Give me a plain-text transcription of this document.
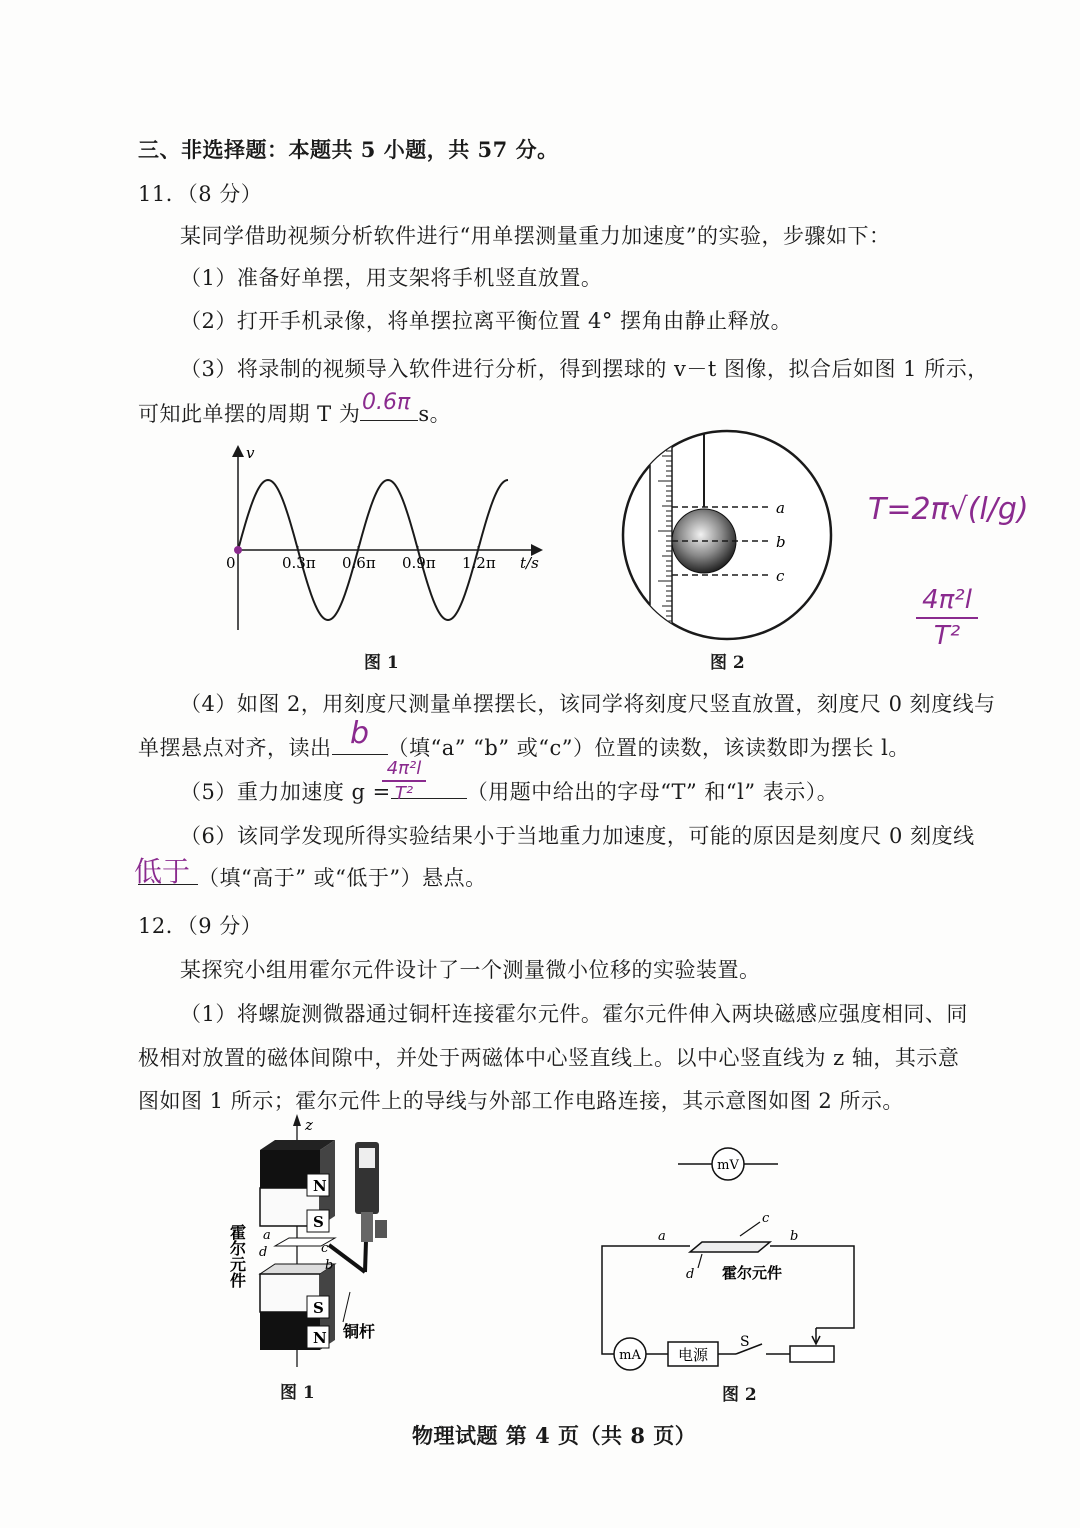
三、非选择题：本题共 5 小题，共 57 分。
11．（8 分）
某同学借助视频分析软件进行“用单摆测量重力加速度”的实验，步骤如下：
（1）准备好单摆，用支架将手机竖直放置。
（2）打开手机录像，将单摆拉离平衡位置 4° 摆角由静止释放。
（3）将录制的视频导入软件进行分析，得到摆球的 v－t 图像，拟合后如图 1 所示，
可知此单摆的周期 T 为	s。
0.6π
v
t/s
0	0.3π 0.6π 0.9π 1.2π
图 1
a
b
c
图 2
T=2π√(l/g)
4π²l
T²
（4）如图 2，用刻度尺测量单摆摆长，该同学将刻度尺竖直放置，刻度尺 0 刻度线与
单摆悬点对齐，读出	（填“a” “b” 或“c”）位置的读数，该读数即为摆长 l。
b
（5）重力加速度 g =	（用题中给出的字母“T” 和“l” 表示）。
4π²l
T²
（6）该同学发现所得实验结果小于当地重力加速度，可能的原因是刻度尺 0 刻度线
（填“高于” 或“低于”）悬点。
低于
12．（9 分）
某探究小组用霍尔元件设计了一个测量微小位移的实验装置。
（1）将螺旋测微器通过铜杆连接霍尔元件。霍尔元件伸入两块磁感应强度相同、同
极相对放置的磁体间隙中，并处于两磁体中心竖直线上。以中心竖直线为 z 轴，其示意
图如图 1 所示；霍尔元件上的导线与外部工作电路连接，其示意图如图 2 所示。
z
N
S
S
N
霍尔元件 a
d	c
b
铜杆
图 1
mV
mA 电源
S
a	b
c
d 霍尔元件
图 2
物理试题 第 4 页（共 8 页）
